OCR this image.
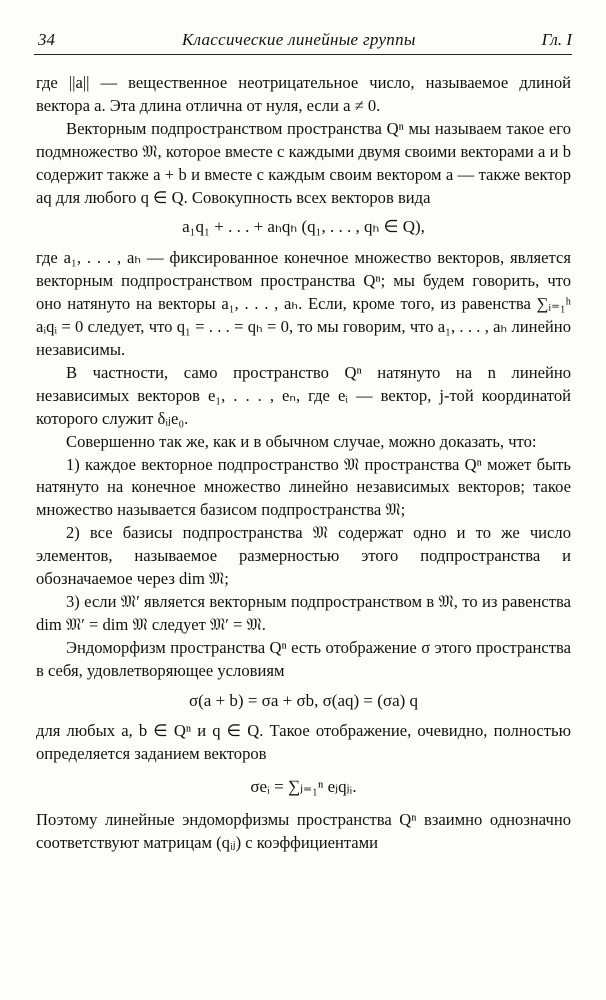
34	Классические линейные группы	Гл. I

где ||a|| — вещественное неотрицательное число, называемое длиной вектора a. Эта длина отлична от нуля, если a ≠ 0.

Векторным подпространством пространства Qⁿ мы называем такое его подмножество 𝔐, которое вместе с каждыми двумя своими векторами a и b содержит также a + b и вместе с каждым своим вектором a — также вектор aq для любого q ∈ Q. Совокупность всех векторов вида

a₁q₁ + . . . + aₕqₕ (q₁, . . . , qₕ ∈ Q),

где a₁, . . . , aₕ — фиксированное конечное множество векторов, является векторным подпространством пространства Qⁿ; мы будем говорить, что оно натянуто на векторы a₁, . . . , aₕ. Если, кроме того, из равенства ∑ᵢ₌₁ʰ aᵢqᵢ = 0 следует, что q₁ = . . . = qₕ = 0, то мы говорим, что a₁, . . . , aₕ линейно независимы.

В частности, само пространство Qⁿ натянуто на n линейно независимых векторов e₁, . . . , eₙ, где eᵢ — вектор, j-той координатой которого служит δᵢⱼe₀.

Совершенно так же, как и в обычном случае, можно доказать, что:

1) каждое векторное подпространство 𝔐 пространства Qⁿ может быть натянуто на конечное множество линейно независимых векторов; такое множество называется базисом подпространства 𝔐;

2) все базисы подпространства 𝔐 содержат одно и то же число элементов, называемое размерностью этого подпространства и обозначаемое через dim 𝔐;

3) если 𝔐′ является векторным подпространством в 𝔐, то из равенства dim 𝔐′ = dim 𝔐 следует 𝔐′ = 𝔐.

Эндоморфизм пространства Qⁿ есть отображение σ этого пространства в себя, удовлетворяющее условиям

σ(a + b) = σa + σb, σ(aq) = (σa) q

для любых a, b ∈ Qⁿ и q ∈ Q. Такое отображение, очевидно, полностью определяется заданием векторов

σeᵢ = ∑ⱼ₌₁ⁿ eⱼqⱼᵢ.

Поэтому линейные эндоморфизмы пространства Qⁿ взаимно однозначно соответствуют матрицам (qᵢⱼ) с коэффициентами
